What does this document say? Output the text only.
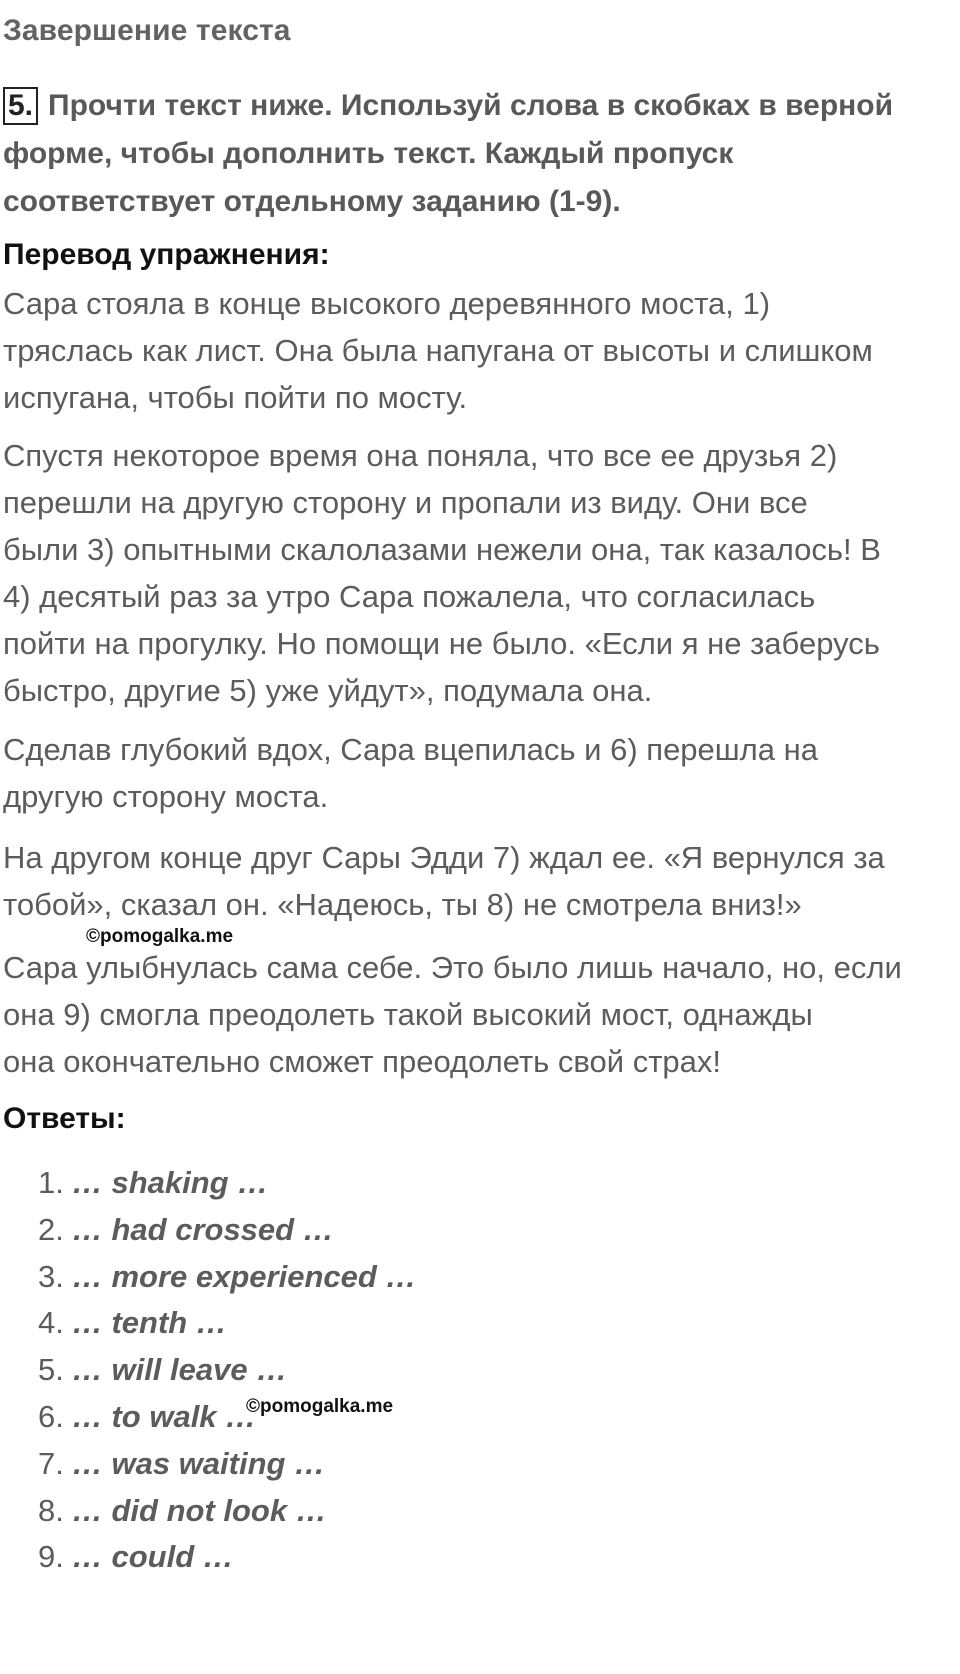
Завершение текста

5. Прочти текст ниже. Используй слова в скобках в верной
форме, чтобы дополнить текст. Каждый пропуск
соответствует отдельному заданию (1-9).

Перевод упражнения:

Сара стояла в конце высокого деревянного моста, 1)
тряслась как лист. Она была напугана от высоты и слишком
испугана, чтобы пойти по мосту.

Спустя некоторое время она поняла, что все ее друзья 2)
перешли на другую сторону и пропали из виду. Они все
были 3) опытными скалолазами нежели она, так казалось! В
4) десятый раз за утро Сара пожалела, что согласилась
пойти на прогулку. Но помощи не было. «Если я не заберусь
быстро, другие 5) уже уйдут», подумала она.

Сделав глубокий вдох, Сара вцепилась и 6) перешла на
другую сторону моста.

На другом конце друг Сары Эдди 7) ждал ее. «Я вернулся за
тобой», сказал он. «Надеюсь, ты 8) не смотрела вниз!»

©pomogalka.me

Сара улыбнулась сама себе. Это было лишь начало, но, если
она 9) смогла преодолеть такой высокий мост, однажды
она окончательно сможет преодолеть свой страх!

Ответы:
1. … shaking …
2. … had crossed …
3. … more experienced …
4. … tenth …
5. … will leave …
6. … to walk …
7. … was waiting …
8. … did not look …
9. … could …
©pomogalka.me
